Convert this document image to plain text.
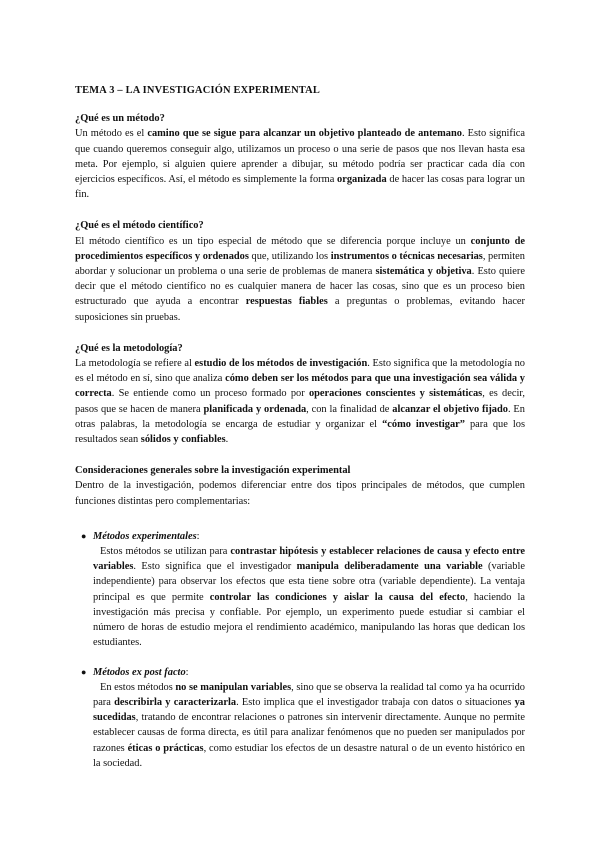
TEMA 3 – LA INVESTIGACIÓN EXPERIMENTAL
¿Qué es un método?

Un método es el camino que se sigue para alcanzar un objetivo planteado de antemano. Esto significa que cuando queremos conseguir algo, utilizamos un proceso o una serie de pasos que nos llevan hasta esa meta. Por ejemplo, si alguien quiere aprender a dibujar, su método podría ser practicar cada día con ejercicios específicos. Así, el método es simplemente la forma organizada de hacer las cosas para lograr un fin.

¿Qué es el método científico?

El método científico es un tipo especial de método que se diferencia porque incluye un conjunto de procedimientos específicos y ordenados que, utilizando los instrumentos o técnicas necesarias, permiten abordar y solucionar un problema o una serie de problemas de manera sistemática y objetiva. Esto quiere decir que el método científico no es cualquier manera de hacer las cosas, sino que es un proceso bien estructurado que ayuda a encontrar respuestas fiables a preguntas o problemas, evitando hacer suposiciones sin pruebas.

¿Qué es la metodología?

La metodología se refiere al estudio de los métodos de investigación. Esto significa que la metodología no es el método en sí, sino que analiza cómo deben ser los métodos para que una investigación sea válida y correcta. Se entiende como un proceso formado por operaciones conscientes y sistemáticas, es decir, pasos que se hacen de manera planificada y ordenada, con la finalidad de alcanzar el objetivo fijado. En otras palabras, la metodología se encarga de estudiar y organizar el “cómo investigar” para que los resultados sean sólidos y confiables.

Consideraciones generales sobre la investigación experimental

Dentro de la investigación, podemos diferenciar entre dos tipos principales de métodos, que cumplen funciones distintas pero complementarias:

● Métodos experimentales:

Estos métodos se utilizan para contrastar hipótesis y establecer relaciones de causa y efecto entre variables. Esto significa que el investigador manipula deliberadamente una variable (variable independiente) para observar los efectos que esta tiene sobre otra (variable dependiente). La ventaja principal es que permite controlar las condiciones y aislar la causa del efecto, haciendo la investigación más precisa y confiable. Por ejemplo, un experimento puede estudiar si cambiar el número de horas de estudio mejora el rendimiento académico, manipulando las horas que dedican los estudiantes.

● Métodos ex post facto:

En estos métodos no se manipulan variables, sino que se observa la realidad tal como ya ha ocurrido para describirla y caracterizarla. Esto implica que el investigador trabaja con datos o situaciones ya sucedidas, tratando de encontrar relaciones o patrones sin intervenir directamente. Aunque no permite establecer causas de forma directa, es útil para analizar fenómenos que no pueden ser manipulados por razones éticas o prácticas, como estudiar los efectos de un desastre natural o de un evento histórico en la sociedad.
